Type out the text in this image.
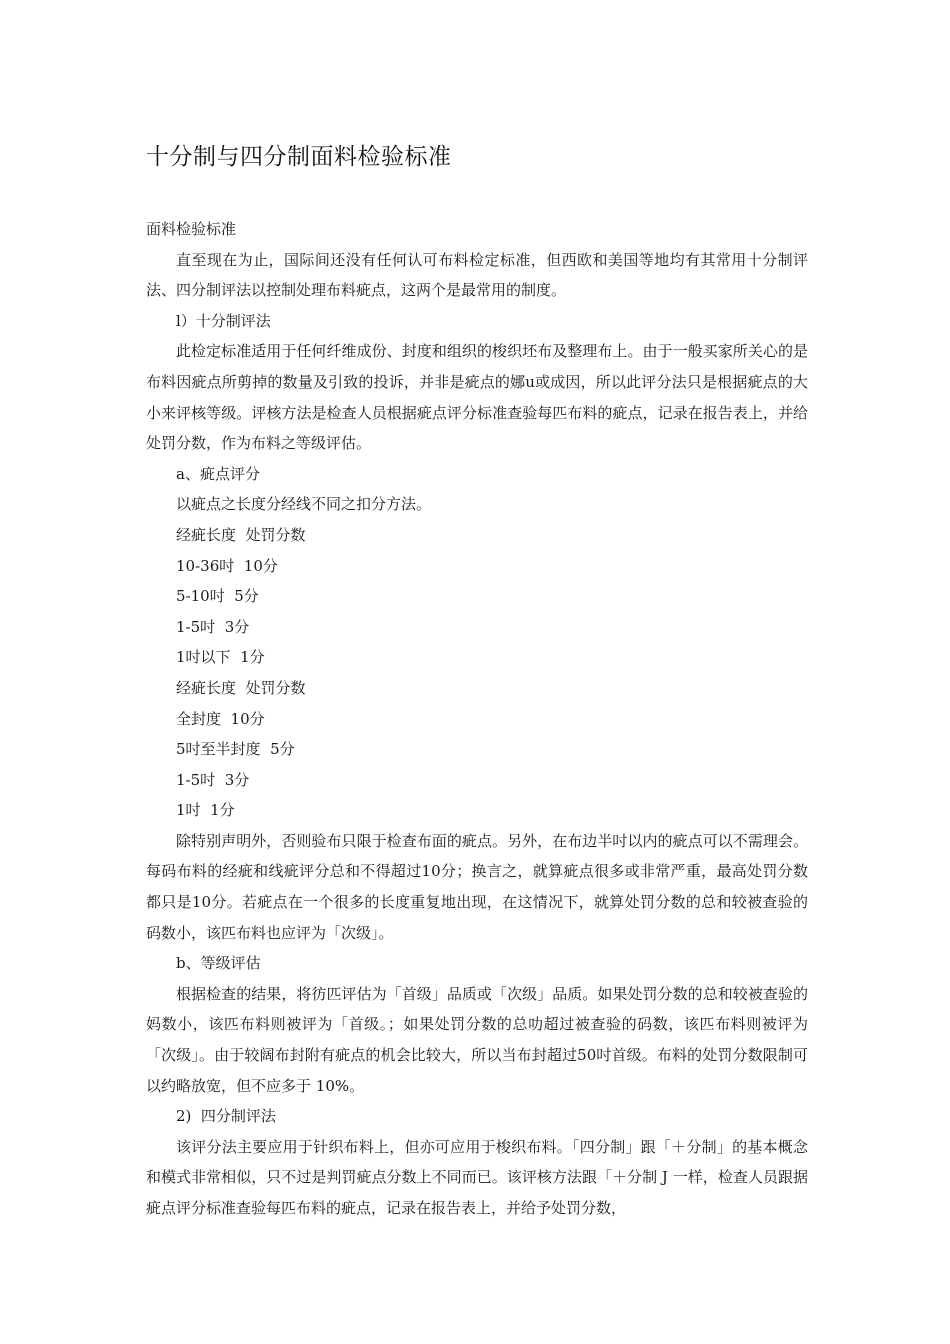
十分制与四分制面料检验标准

面料检验标准

直至现在为止，国际间还没有任何认可布料检定标准，但西欧和美国等地均有其常用十分制评法、四分制评法以控制处理布料疵点，这两个是最常用的制度。

l）十分制评法

此检定标准适用于任何纤维成份、封度和组织的梭织坯布及整理布上。由于一般买家所关心的是布料因疵点所剪掉的数量及引致的投诉，并非是疵点的娜u或成因，所以此评分法只是根据疵点的大小来评核等级。评核方法是检查人员根据疵点评分标准查验每匹布料的疵点，记录在报告表上，并给处罚分数，作为布料之等级评估。

a、疵点评分

以疵点之长度分经线不同之扣分方法。

经疵长度  处罚分数

10-36吋  10分

5-10吋  5分

1-5吋  3分

1吋以下  1分

经疵长度  处罚分数

全封度  10分

5吋至半封度  5分

1-5吋  3分

1吋  1分

除特别声明外，否则验布只限于检查布面的疵点。另外，在布边半吋以内的疵点可以不需理会。每码布料的经疵和线疵评分总和不得超过10分；换言之，就算疵点很多或非常严重，最高处罚分数都只是10分。若疵点在一个很多的长度重复地出现，在这情况下，就算处罚分数的总和较被查验的码数小，该匹布料也应评为「次级」。

b、等级评估

根据检查的结果，将彷匹评估为「首级」品质或「次级」品质。如果处罚分数的总和较被查验的妈数小，该匹布料则被评为「首级。；如果处罚分数的总叻超过被查验的码数，该匹布料则被评为「次级」。由于较阔布封附有疵点的机会比较大，所以当布封超过50吋首级。布料的处罚分数限制可以约略放宽，但不应多于 10%。

2)  四分制评法

该评分法主要应用于针织布料上，但亦可应用于梭织布料。「四分制」跟「＋分制」的基本概念和模式非常相似，只不过是判罚疵点分数上不同而已。该评核方法跟「＋分制 J 一样，检查人员跟据疵点评分标准查验每匹布料的疵点，记录在报告表上，并给予处罚分数，
